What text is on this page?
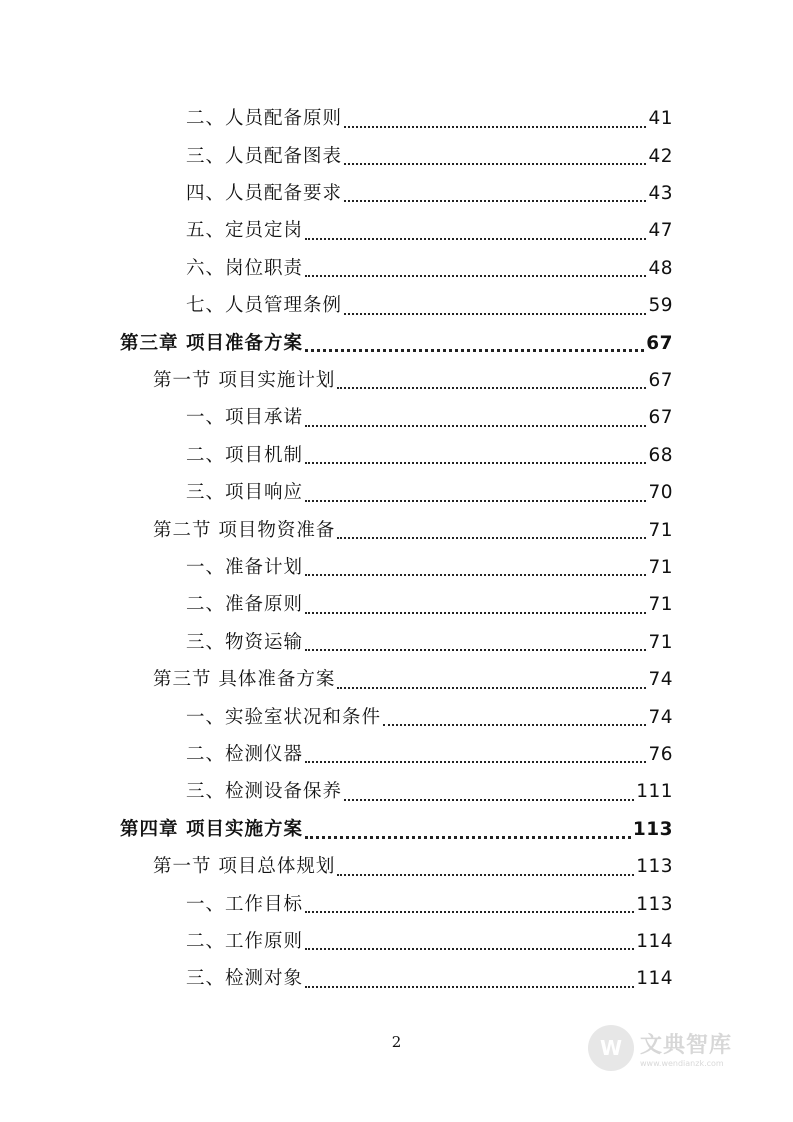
二、人员配备原则	41
三、人员配备图表	42
四、人员配备要求	43
五、定员定岗	47
六、岗位职责	48
七、人员管理条例	59
第三章 项目准备方案	67
第一节 项目实施计划	67
一、项目承诺	67
二、项目机制	68
三、项目响应	70
第二节 项目物资准备	71
一、准备计划	71
二、准备原则	71
三、物资运输	71
第三节 具体准备方案	74
一、实验室状况和条件	74
二、检测仪器	76
三、检测设备保养	111
第四章 项目实施方案	113
第一节 项目总体规划	113
一、工作目标	113
二、工作原则	114
三、检测对象	114
2	W 文典智库
www.wendianzk.com
